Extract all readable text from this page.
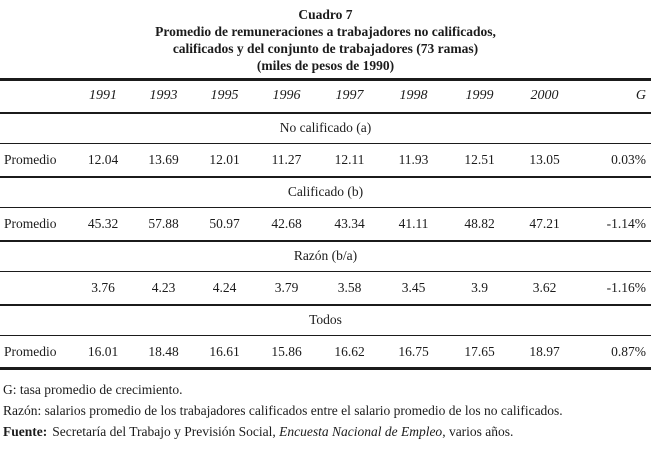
Cuadro 7
Promedio de remuneraciones a trabajadores no calificados,
calificados y del conjunto de trabajadores (73 ramas)
(miles de pesos de 1990)
	1991	1993	1995	1996	1997	1998	1999	2000	G
No calificado (a)									
Promedio	12.04	13.69	12.01	11.27	12.11	11.93	12.51	13.05	0.03%
Calificado (b)									
Promedio	45.32	57.88	50.97	42.68	43.34	41.11	48.82	47.21	-1.14%
Razón (b/a)									
	3.76	4.23	4.24	3.79	3.58	3.45	3.9	3.62	-1.16%
Todos									
Promedio	16.01	18.48	16.61	15.86	16.62	16.75	17.65	18.97	0.87%
G: tasa promedio de crecimiento.
Razón: salarios promedio de los trabajadores calificados entre el salario promedio de los no calificados.
Fuente: Secretaría del Trabajo y Previsión Social, Encuesta Nacional de Empleo, varios años.
